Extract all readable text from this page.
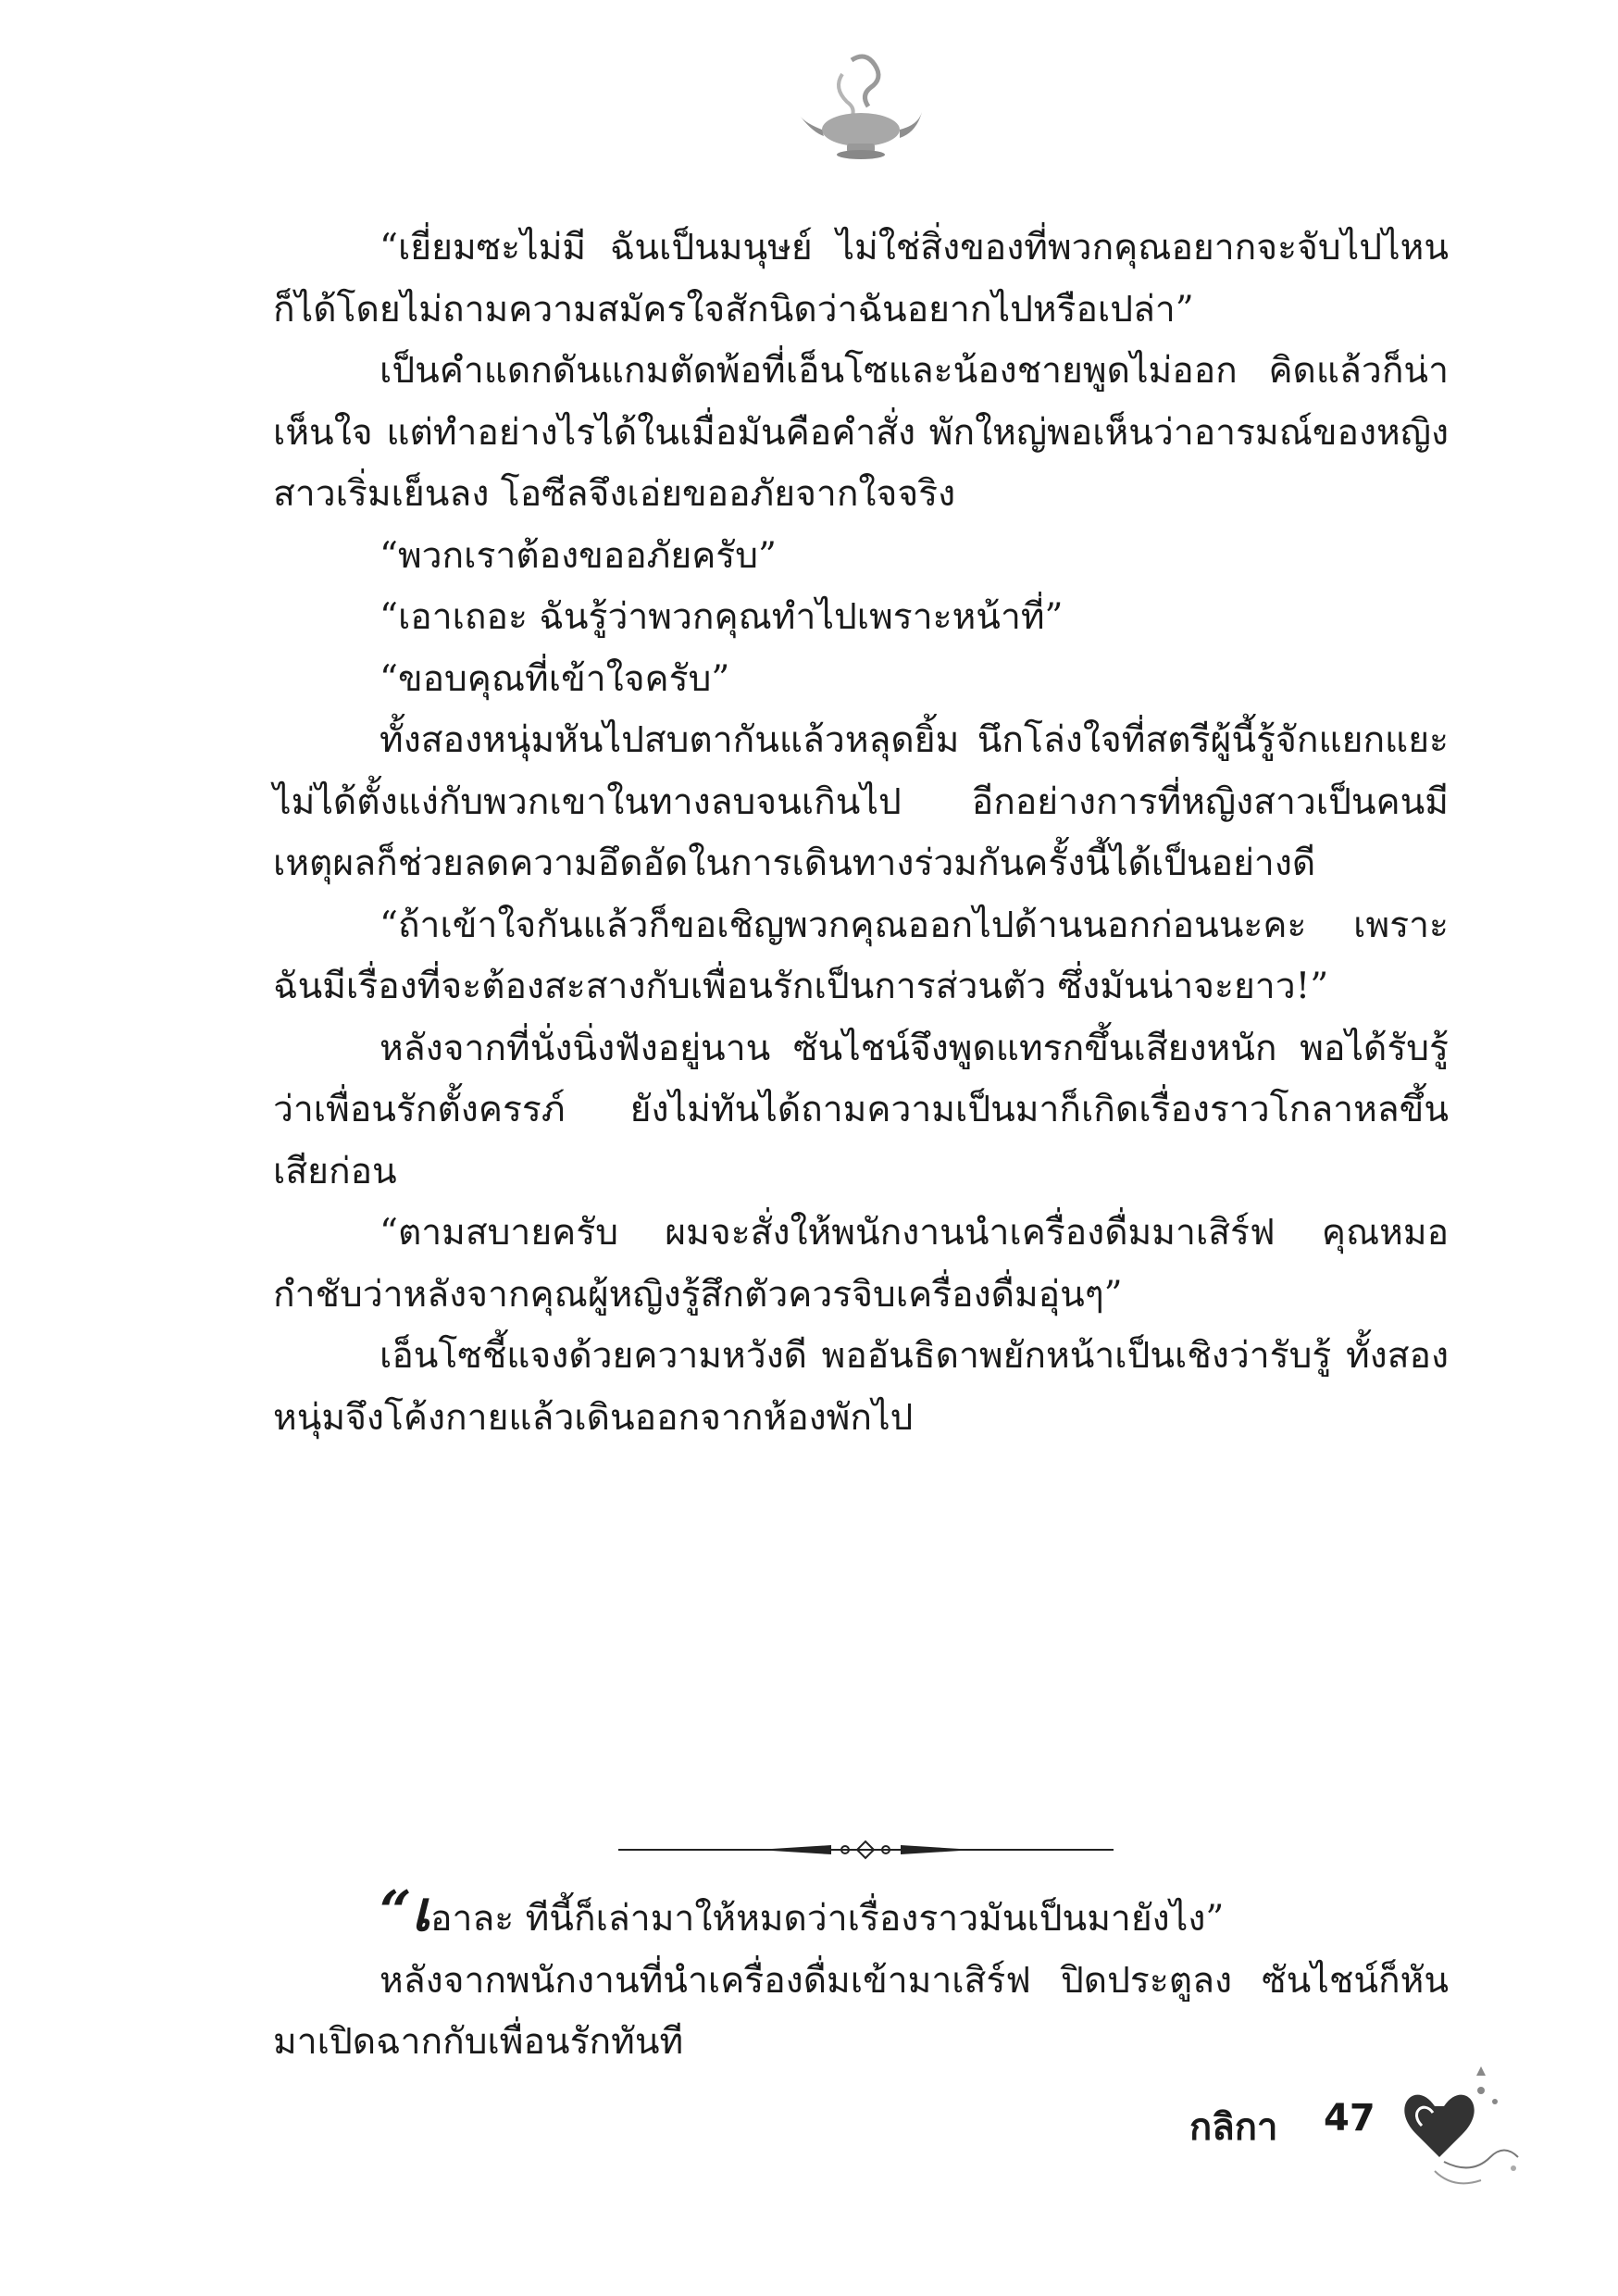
“เยี่ยมซะไม่มี ฉันเป็นมนุษย์ ไม่ใช่สิ่งของที่พวกคุณอยากจะจับไปไหนก็ได้โดยไม่ถามความสมัครใจสักนิดว่าฉันอยากไปหรือเปล่า”

เป็นคำแดกดันแกมตัดพ้อที่เอ็นโซและน้องชายพูดไม่ออก คิดแล้วก็น่าเห็นใจ แต่ทำอย่างไรได้ในเมื่อมันคือคำสั่ง พักใหญ่พอเห็นว่าอารมณ์ของหญิงสาวเริ่มเย็นลง โอซีลจึงเอ่ยขออภัยจากใจจริง

“พวกเราต้องขออภัยครับ”

“เอาเถอะ ฉันรู้ว่าพวกคุณทำไปเพราะหน้าที่”

“ขอบคุณที่เข้าใจครับ”

ทั้งสองหนุ่มหันไปสบตากันแล้วหลุดยิ้ม นึกโล่งใจที่สตรีผู้นี้รู้จักแยกแยะ ไม่ได้ตั้งแง่กับพวกเขาในทางลบจนเกินไป อีกอย่างการที่หญิงสาวเป็นคนมีเหตุผลก็ช่วยลดความอึดอัดในการเดินทางร่วมกันครั้งนี้ได้เป็นอย่างดี

“ถ้าเข้าใจกันแล้วก็ขอเชิญพวกคุณออกไปด้านนอกก่อนนะคะ เพราะฉันมีเรื่องที่จะต้องสะสางกับเพื่อนรักเป็นการส่วนตัว ซึ่งมันน่าจะยาว!”

หลังจากที่นั่งนิ่งฟังอยู่นาน ซันไชน์จึงพูดแทรกขึ้นเสียงหนัก พอได้รับรู้ว่าเพื่อนรักตั้งครรภ์ ยังไม่ทันได้ถามความเป็นมาก็เกิดเรื่องราวโกลาหลขึ้นเสียก่อน

“ตามสบายครับ ผมจะสั่งให้พนักงานนำเครื่องดื่มมาเสิร์ฟ คุณหมอกำชับว่าหลังจากคุณผู้หญิงรู้สึกตัวควรจิบเครื่องดื่มอุ่นๆ”

เอ็นโซชี้แจงด้วยความหวังดี พออันธิดาพยักหน้าเป็นเชิงว่ารับรู้ ทั้งสองหนุ่มจึงโค้งกายแล้วเดินออกจากห้องพักไป

“เอาละ ทีนี้ก็เล่ามาให้หมดว่าเรื่องราวมันเป็นมายังไง”

หลังจากพนักงานที่นำเครื่องดื่มเข้ามาเสิร์ฟ ปิดประตูลง ซันไชน์ก็หันมาเปิดฉากกับเพื่อนรักทันที

กลิกา 47
